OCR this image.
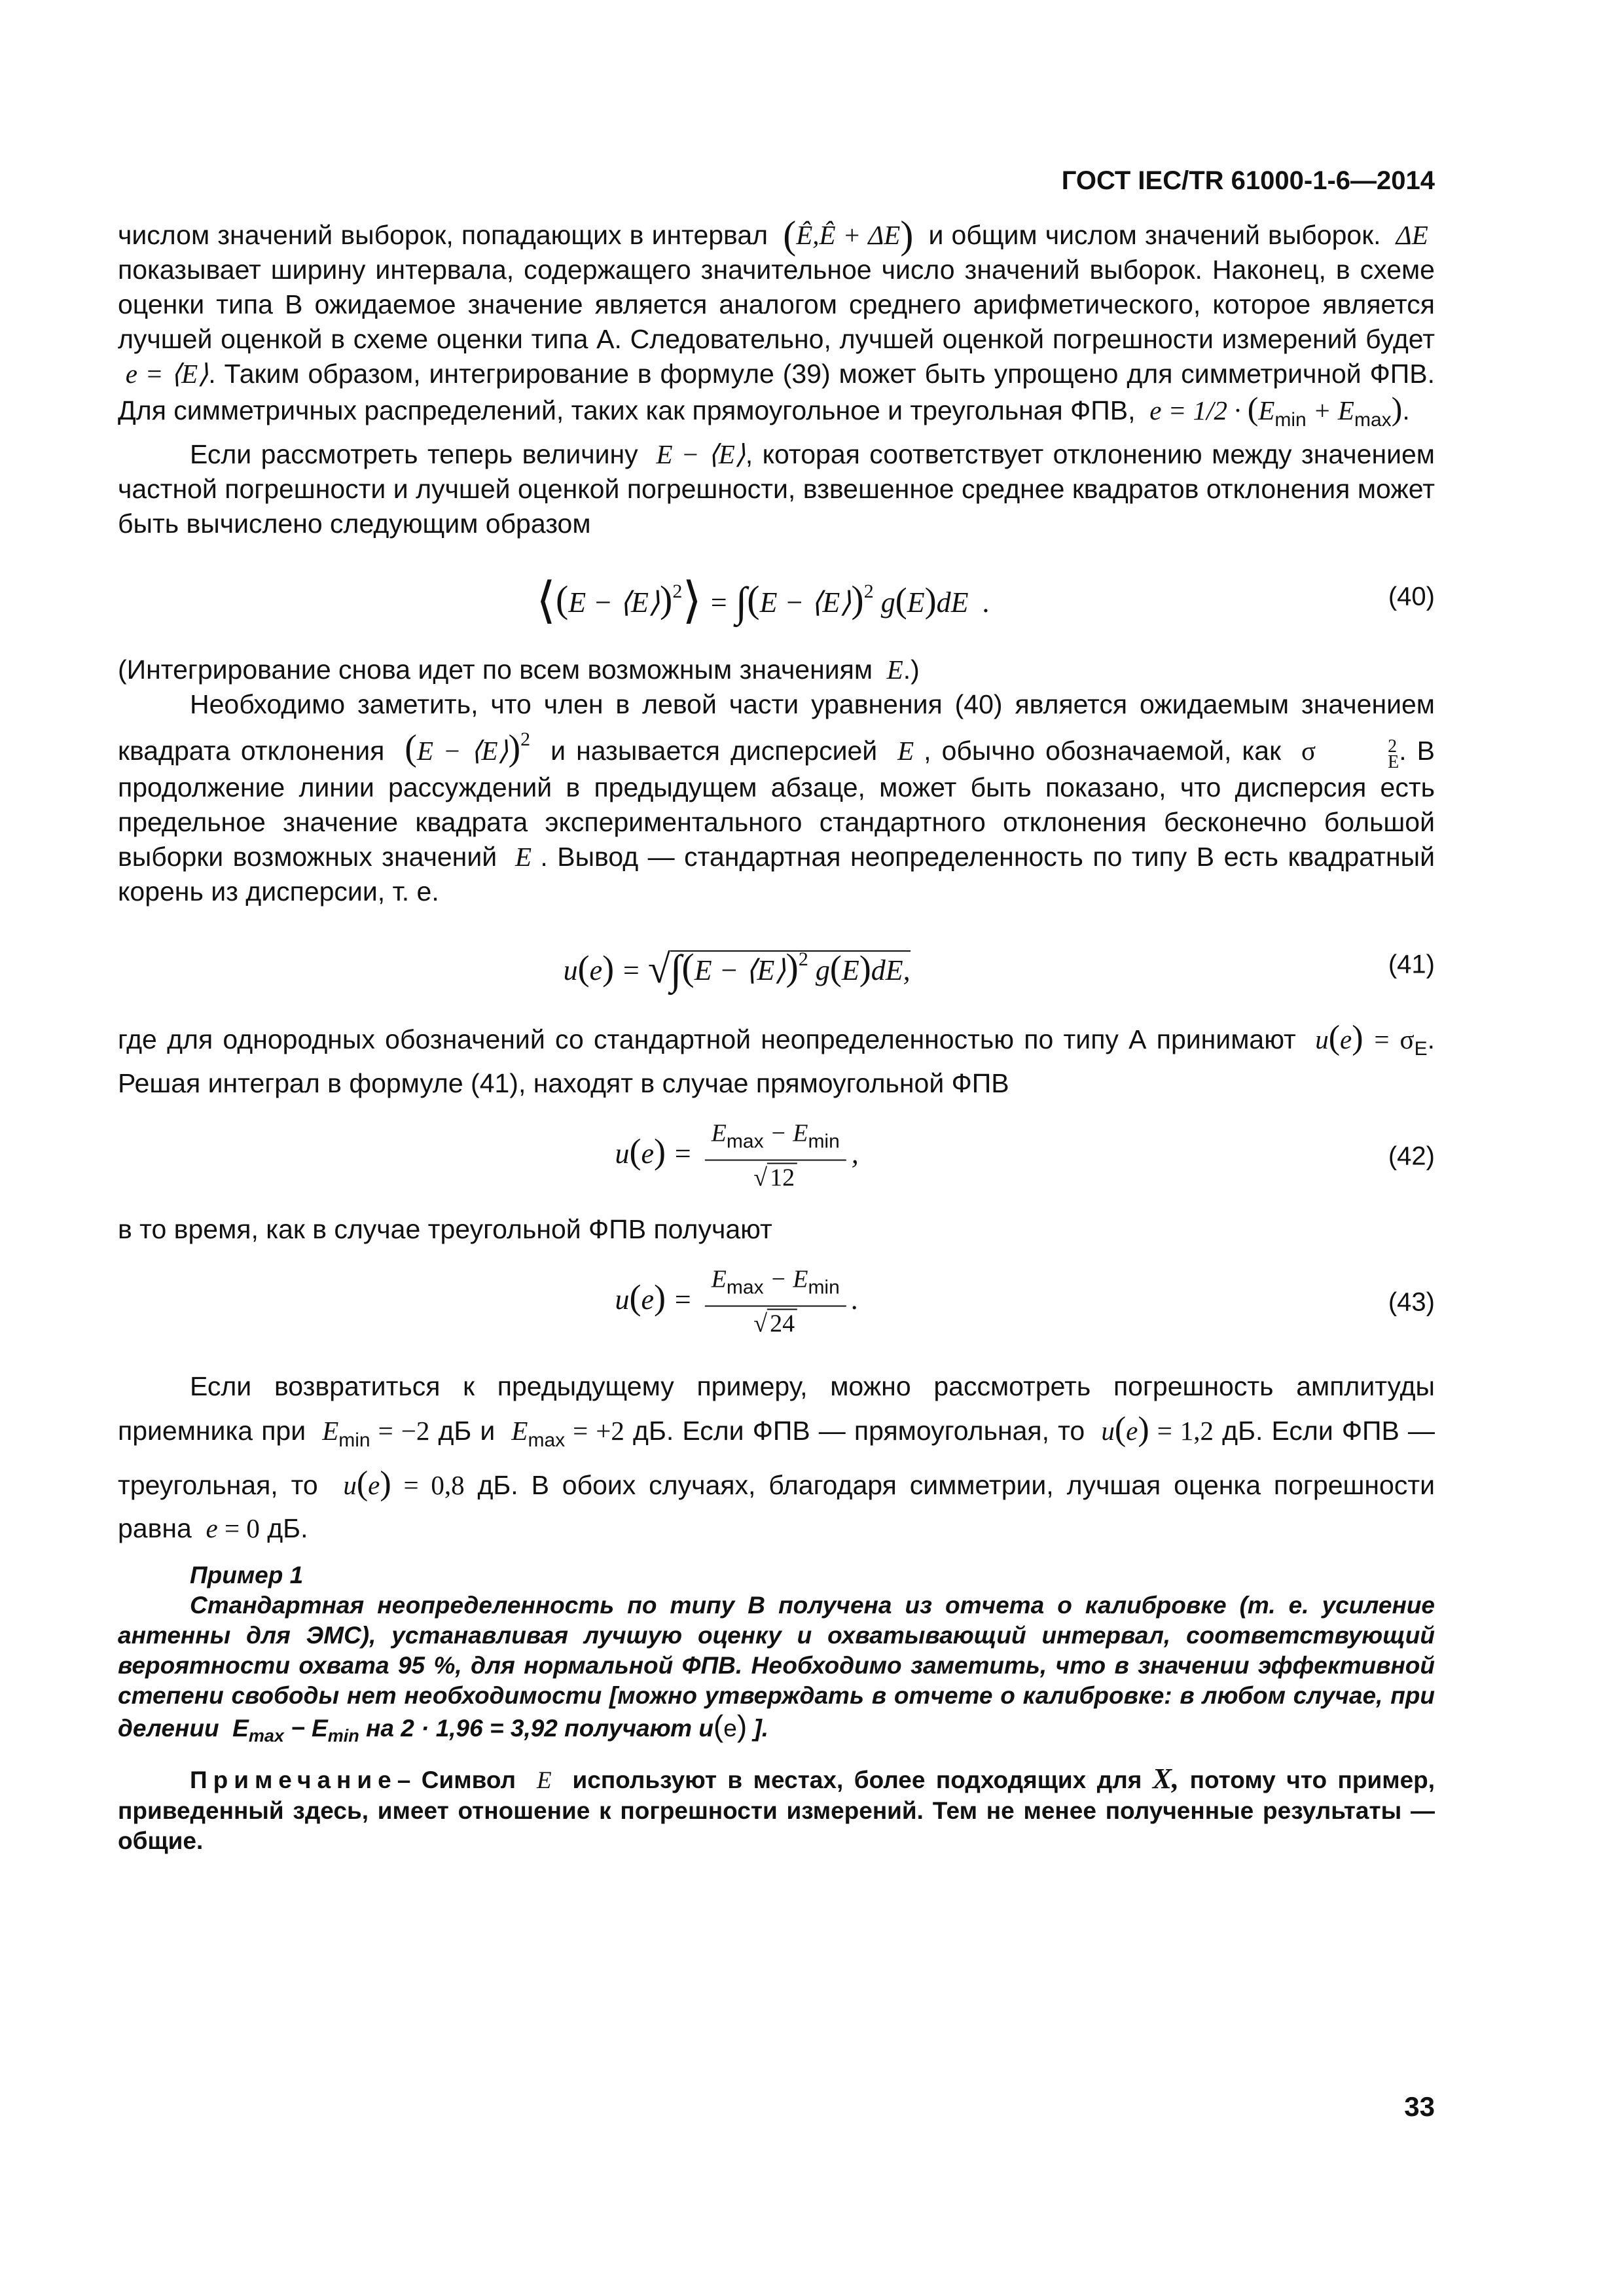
ГОСТ IEC/TR 61000-1-6—2014

числом значений выборок, попадающих в интервал (Ê,Ê + ΔE) и общим числом значений выборок.  ΔE  показывает ширину интервала, содержащего значительное число значений выборок. Наконец, в схеме оценки типа В ожидаемое значение является аналогом среднего арифметического, которое является лучшей оценкой в схеме оценки типа А. Следовательно, лучшей оценкой погрешности измерений будет  e = ⟨E⟩. Таким образом, интегрирование в формуле (39) может быть упрощено для симметричной ФПВ. Для симметричных распределений, таких как прямоугольное и треугольная ФПВ,  $e = 1/2 \cdot (E_{min} + E_{max})$.

Если рассмотреть теперь величину  E − ⟨E⟩, которая соответствует отклонению между значением частной погрешности и лучшей оценкой погрешности, взвешенное среднее квадратов отклонения может быть вычислено следующим образом

⟨(E − ⟨E⟩)$^2$⟩ = ∫(E − ⟨E⟩)$^2$ g(E)dE  .	(40)

(Интегрирование снова идет по всем возможным значениям  E.)

Необходимо заметить, что член в левой части уравнения (40) является ожидаемым значением квадрата отклонения (E − ⟨E⟩)$^2$ и называется дисперсией  E , обычно обозначаемой, как σ	2
E . В продолжение линии рассуждений в предыдущем абзаце, может быть показано, что дисперсия есть предельное значение квадрата экспериментального стандартного отклонения бесконечно большой выборки возможных значений  E . Вывод — стандартная неопределенность по типу В есть квадратный корень из дисперсии, т. е.

u(e) = √∫(E − ⟨E⟩)$^2$ g(E)dE,	(41)

где для однородных обозначений со стандартной неопределенностью по типу А принимают  $u(e) = \sigma_E$. Решая интеграл в формуле (41), находят в случае прямоугольной ФПВ

$u(e) = \frac{E_{max} - E_{min}}{√ 12}$ ,	(42)

в то время, как в случае треугольной ФПВ получают

$u(e) = \frac{E_{max} - E_{min}}{√ 24}$ .	(43)

Если возвратиться к предыдущему примеру, можно рассмотреть погрешность амплитуды приемника при  $E_{min} = -2$ дБ и  $E_{max} = +2$ дБ. Если ФПВ — прямоугольная, то  u(e) = 1,2 дБ. Если ФПВ — треугольная, то  u(e) = 0,8 дБ. В обоих случаях, благодаря симметрии, лучшая оценка погрешности равна  e = 0 дБ.

Пример 1

Стандартная неопределенность по типу В получена из отчета о калибровке (т. е. усиление антенны для ЭМС), устанавливая лучшую оценку и охватывающий интервал, соответствующий вероятности охвата 95 %, для нормальной ФПВ. Необходимо заметить, что в значении эффективной степени свободы нет необходимости [можно утверждать в отчете о калибровке: в любом случае, при делении  $E_{max} - E_{min}$ на 2 · 1,96 = 3,92 получают u(e) ].

Примечание– Символ  E  используют в местах, более подходящих для X, потому что пример, приведенный здесь, имеет отношение к погрешности измерений. Тем не менее полученные результаты — общие.

33
